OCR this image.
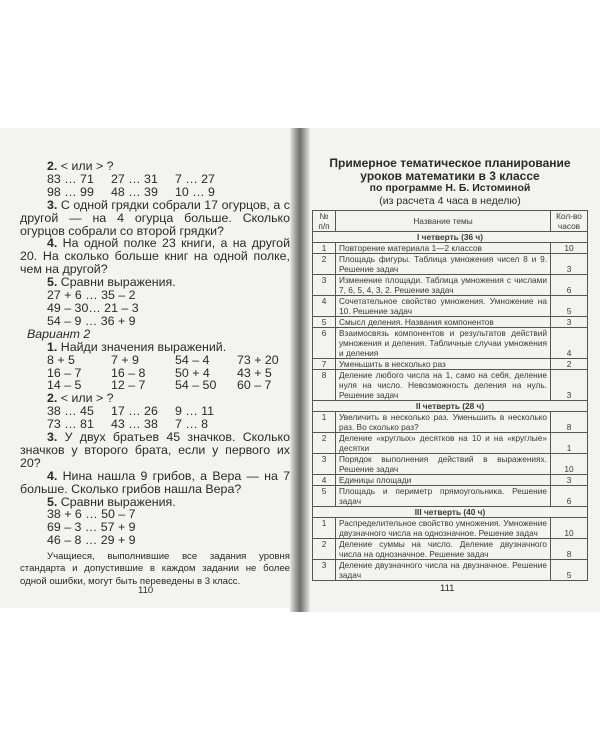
2. < или > ?
83 … 71	27 … 31	7 … 27
98 … 99	48 … 39	10 … 9
3. С одной грядки собрали 17 огурцов, а с другой — на 4 огурца больше. Сколько огурцов собрали со второй грядки?
4. На одной полке 23 книги, а на другой 20. На сколько больше книг на одной полке, чем на другой?
5. Сравни выражения.
27 + 6 … 35 – 2
49 – 30… 21 – 3
54 – 9 … 36 + 9
Вариант 2
1. Найди значения выражений.
8 + 5	7 + 9	54 – 4	73 + 20
16 – 7	16 – 8	50 + 4	43 + 5
14 – 5	12 – 7	54 – 50	60 – 7
2. < или > ?
38 … 45	17 … 26	9 … 11
73 … 81	43 … 38	7 … 8
3. У двух братьев 45 значков. Сколько значков у второго брата, если у первого их 20?
4. Нина нашла 9 грибов, а Вера — на 7 больше. Сколько грибов нашла Вера?
5. Сравни выражения.
38 + 6 … 50 – 7
69 – 3 … 57 + 9
46 – 8 … 29 + 9
Учащиеся, выполнившие все задания уровня стандарта и допустившие в каждом задании не более одной ошибки, могут быть переведены в 3 класс.
110
Примерное тематическое планирование
уроков математики в 3 классе
по программе Н. Б. Истоминой
(из расчета 4 часа в неделю)
№ п/п	Название темы	Кол-во часов
I четверть (36 ч)		
1	Повторение материала 1—2 классов	10
2	Площадь фигуры. Таблица умножения чисел 8 и 9. Решение задач	3
3	Изменение площади. Таблица умножения с числами 7, 6, 5, 4, 3, 2. Решение задач	6
4	Сочетательное свойство умножения. Умножение на 10. Решение задач	5
5	Смысл деления. Названия компонентов	3
6	Взаимосвязь компонентов и результатов действий умножения и деления. Табличные случаи умножения и деления	4
7	Уменьшить в несколько раз	2
8	Деление любого числа на 1, само на себя, деление нуля на число. Невозможность деления на нуль. Решение задач	3
II четверть (28 ч)		
1	Увеличить в несколько раз. Уменьшить в несколько раз. Во сколько раз?	8
2	Деление «круглых» десятков на 10 и на «круглые» десятки	1
3	Порядок выполнения действий в выражениях. Решение задач	10
4	Единицы площади	3
5	Площадь и периметр прямоугольника. Решение задач	6
III четверть (40 ч)		
1	Распределительное свойство умножения. Умножение двузначного числа на однозначное. Решение задач	10
2	Деление суммы на число. Деление двузначного числа на однозначное. Решение задач	8
3	Деление двузначного числа на двузначное. Решение задач	5
111
